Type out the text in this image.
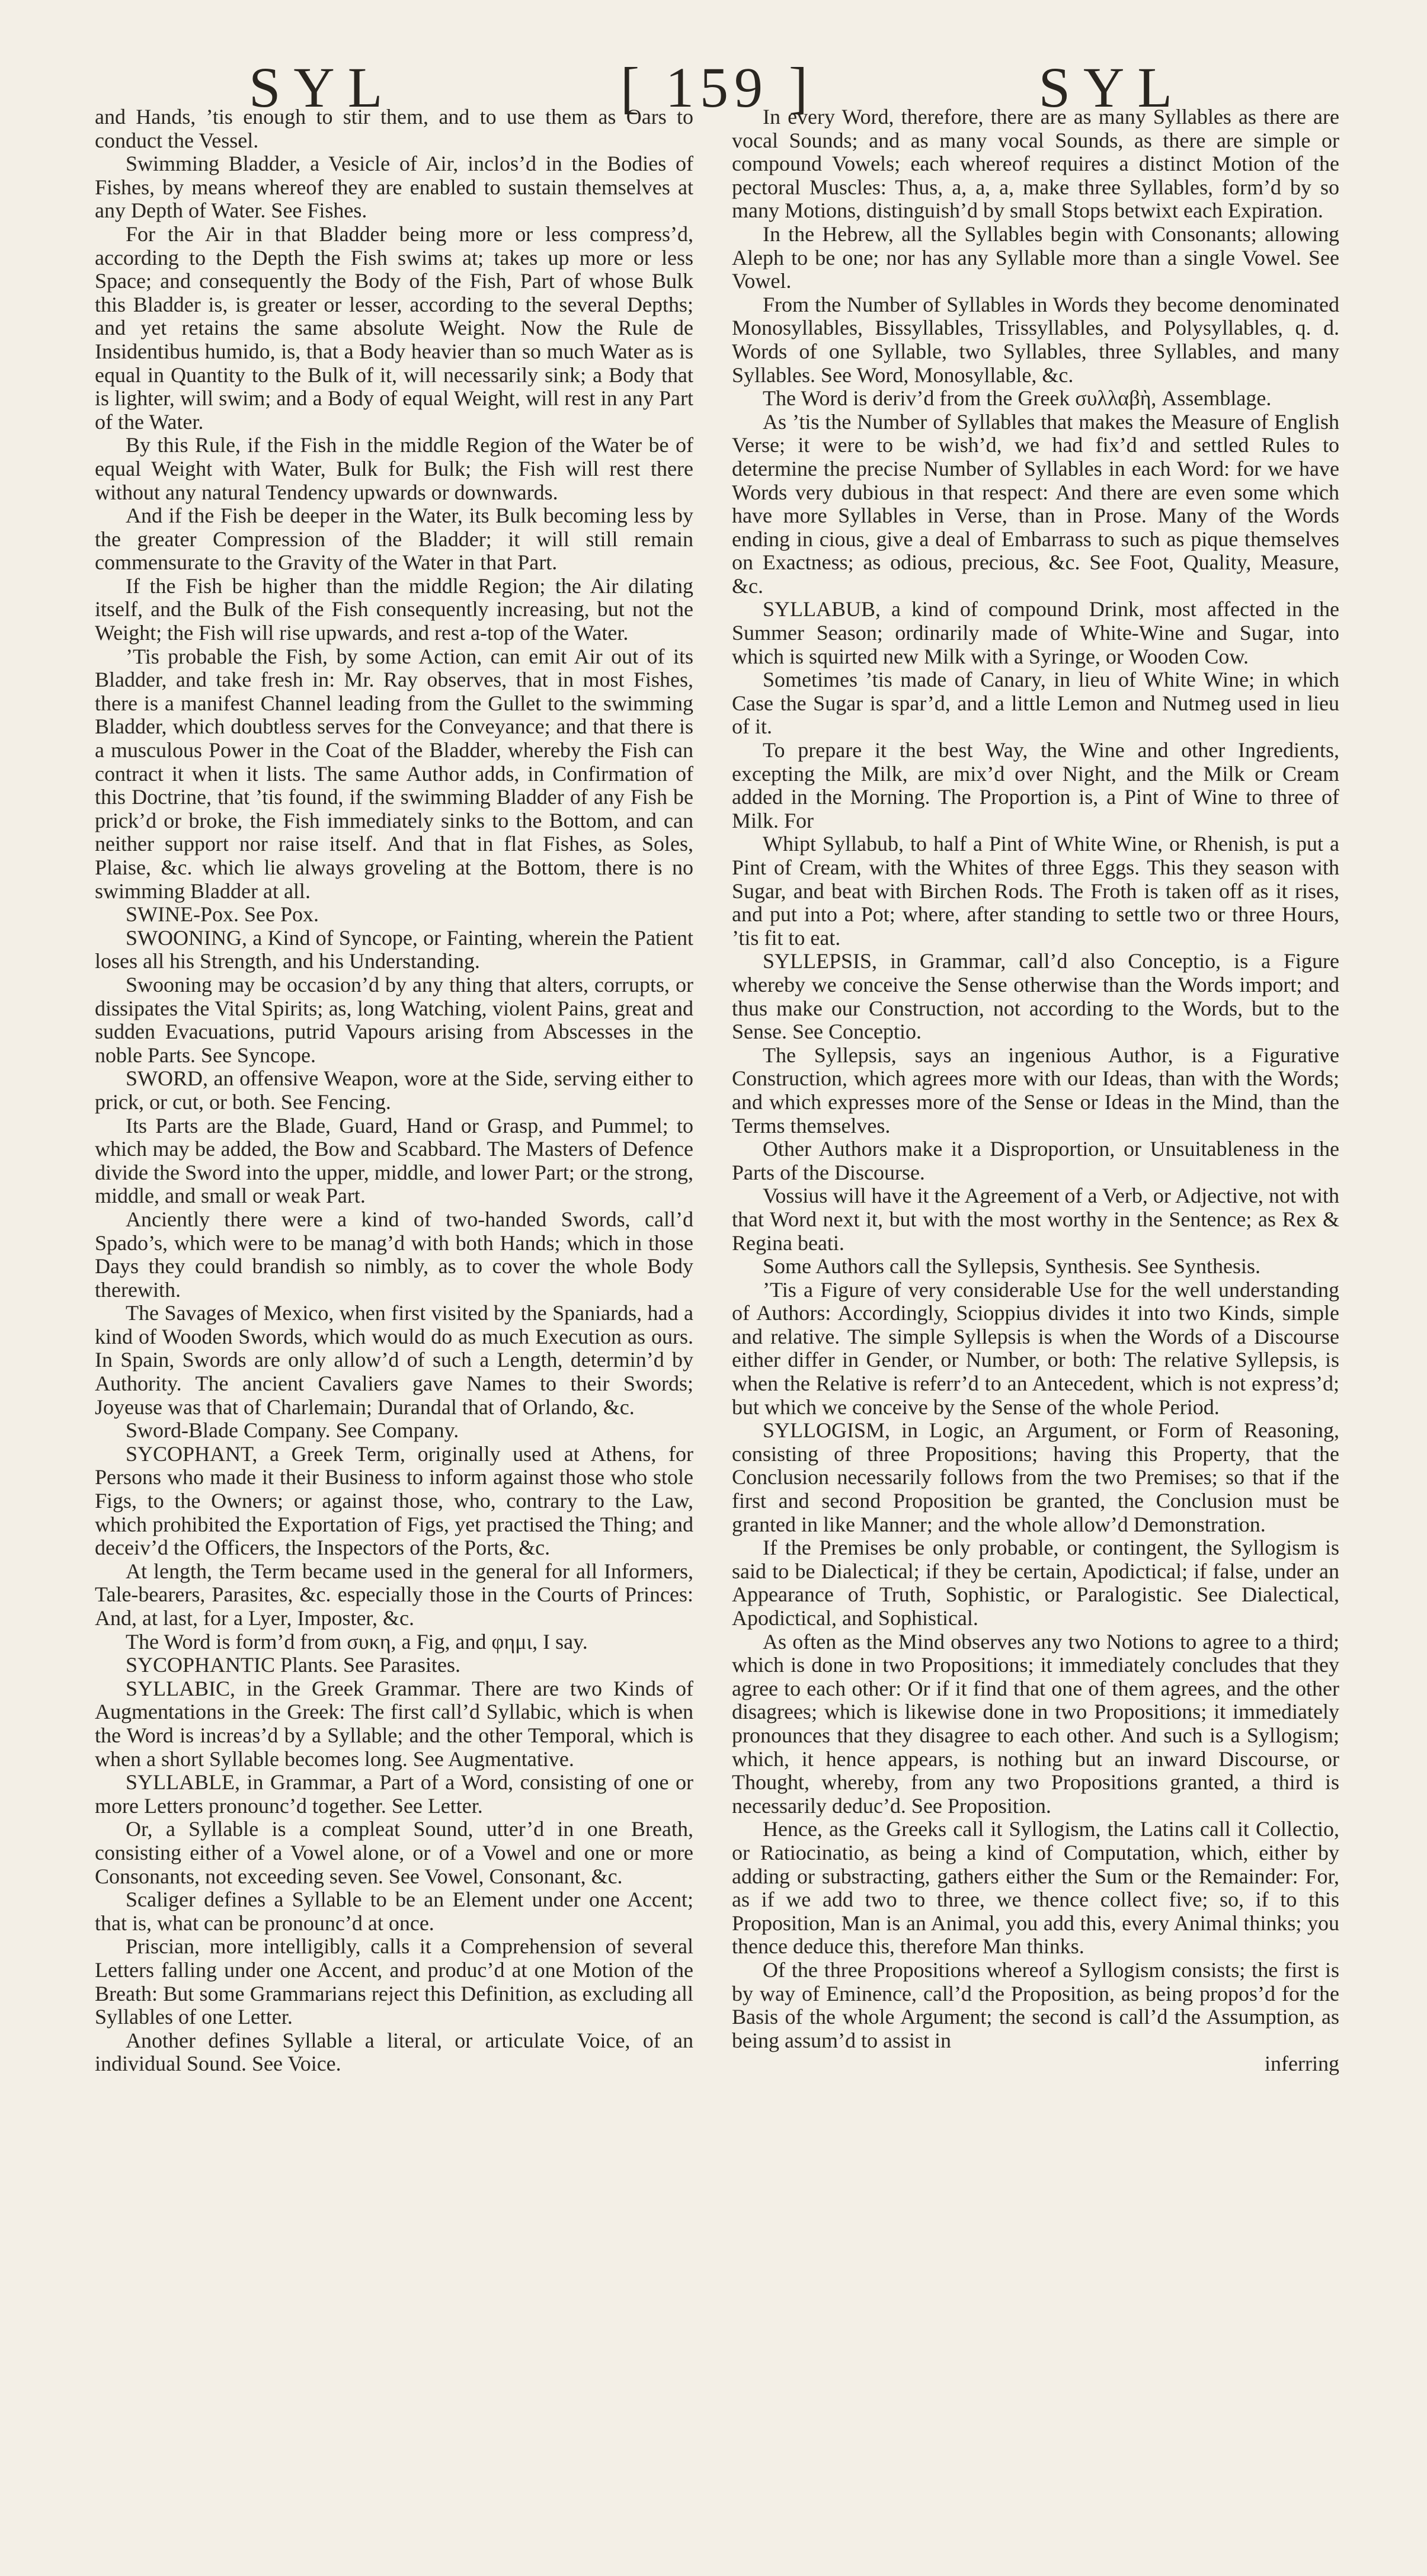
SYL	[ 159 ]	SYL

and Hands, ’tis enough to stir them, and to use them as Oars to conduct the Vessel.

Swimming Bladder, a Vesicle of Air, inclos’d in the Bodies of Fishes, by means whereof they are enabled to sustain themselves at any Depth of Water. See Fishes.

For the Air in that Bladder being more or less compress’d, according to the Depth the Fish swims at; takes up more or less Space; and consequently the Body of the Fish, Part of whose Bulk this Bladder is, is greater or lesser, according to the several Depths; and yet retains the same absolute Weight. Now the Rule de Insidentibus humido, is, that a Body heavier than so much Water as is equal in Quantity to the Bulk of it, will necessarily sink; a Body that is lighter, will swim; and a Body of equal Weight, will rest in any Part of the Water.

By this Rule, if the Fish in the middle Region of the Water be of equal Weight with Water, Bulk for Bulk; the Fish will rest there without any natural Tendency upwards or downwards.

And if the Fish be deeper in the Water, its Bulk becoming less by the greater Compression of the Bladder; it will still remain commensurate to the Gravity of the Water in that Part.

If the Fish be higher than the middle Region; the Air dilating itself, and the Bulk of the Fish consequently increasing, but not the Weight; the Fish will rise upwards, and rest a-top of the Water.

’Tis probable the Fish, by some Action, can emit Air out of its Bladder, and take fresh in: Mr. Ray observes, that in most Fishes, there is a manifest Channel leading from the Gullet to the swimming Bladder, which doubtless serves for the Conveyance; and that there is a musculous Power in the Coat of the Bladder, whereby the Fish can contract it when it lists. The same Author adds, in Confirmation of this Doctrine, that ’tis found, if the swimming Bladder of any Fish be prick’d or broke, the Fish immediately sinks to the Bottom, and can neither support nor raise itself. And that in flat Fishes, as Soles, Plaise, &c. which lie always groveling at the Bottom, there is no swimming Bladder at all.

SWINE-Pox. See Pox.

SWOONING, a Kind of Syncope, or Fainting, wherein the Patient loses all his Strength, and his Understanding.

Swooning may be occasion’d by any thing that alters, corrupts, or dissipates the Vital Spirits; as, long Watching, violent Pains, great and sudden Evacuations, putrid Vapours arising from Abscesses in the noble Parts. See Syncope.

SWORD, an offensive Weapon, wore at the Side, serving either to prick, or cut, or both. See Fencing.

Its Parts are the Blade, Guard, Hand or Grasp, and Pummel; to which may be added, the Bow and Scabbard. The Masters of Defence divide the Sword into the upper, middle, and lower Part; or the strong, middle, and small or weak Part.

Anciently there were a kind of two-handed Swords, call’d Spado’s, which were to be manag’d with both Hands; which in those Days they could brandish so nimbly, as to cover the whole Body therewith.

The Savages of Mexico, when first visited by the Spaniards, had a kind of Wooden Swords, which would do as much Execution as ours. In Spain, Swords are only allow’d of such a Length, determin’d by Authority. The ancient Cavaliers gave Names to their Swords; Joyeuse was that of Charlemain; Durandal that of Orlando, &c.

Sword-Blade Company. See Company.

SYCOPHANT, a Greek Term, originally used at Athens, for Persons who made it their Business to inform against those who stole Figs, to the Owners; or against those, who, contrary to the Law, which prohibited the Exportation of Figs, yet practised the Thing; and deceiv’d the Officers, the Inspectors of the Ports, &c.

At length, the Term became used in the general for all Informers, Tale-bearers, Parasites, &c. especially those in the Courts of Princes: And, at last, for a Lyer, Imposter, &c.

The Word is form’d from συκη, a Fig, and φημι, I say.

SYCOPHANTIC Plants. See Parasites.

SYLLABIC, in the Greek Grammar. There are two Kinds of Augmentations in the Greek: The first call’d Syllabic, which is when the Word is increas’d by a Syllable; and the other Temporal, which is when a short Syllable becomes long. See Augmentative.

SYLLABLE, in Grammar, a Part of a Word, consisting of one or more Letters pronounc’d together. See Letter.

Or, a Syllable is a compleat Sound, utter’d in one Breath, consisting either of a Vowel alone, or of a Vowel and one or more Consonants, not exceeding seven. See Vowel, Consonant, &c.

Scaliger defines a Syllable to be an Element under one Accent; that is, what can be pronounc’d at once.

Priscian, more intelligibly, calls it a Comprehension of several Letters falling under one Accent, and produc’d at one Motion of the Breath: But some Grammarians reject this Definition, as excluding all Syllables of one Letter.

Another defines Syllable a literal, or articulate Voice, of an individual Sound. See Voice.

In every Word, therefore, there are as many Syllables as there are vocal Sounds; and as many vocal Sounds, as there are simple or compound Vowels; each whereof requires a distinct Motion of the pectoral Muscles: Thus, a, a, a, make three Syllables, form’d by so many Motions, distinguish’d by small Stops betwixt each Expiration.

In the Hebrew, all the Syllables begin with Consonants; allowing Aleph to be one; nor has any Syllable more than a single Vowel. See Vowel.

From the Number of Syllables in Words they become denominated Monosyllables, Bissyllables, Trissyllables, and Polysyllables, q. d. Words of one Syllable, two Syllables, three Syllables, and many Syllables. See Word, Monosyllable, &c.

The Word is deriv’d from the Greek συλλαβὴ, Assemblage.

As ’tis the Number of Syllables that makes the Measure of English Verse; it were to be wish’d, we had fix’d and settled Rules to determine the precise Number of Syllables in each Word: for we have Words very dubious in that respect: And there are even some which have more Syllables in Verse, than in Prose. Many of the Words ending in cious, give a deal of Embarrass to such as pique themselves on Exactness; as odious, precious, &c. See Foot, Quality, Measure, &c.

SYLLABUB, a kind of compound Drink, most affected in the Summer Season; ordinarily made of White-Wine and Sugar, into which is squirted new Milk with a Syringe, or Wooden Cow.

Sometimes ’tis made of Canary, in lieu of White Wine; in which Case the Sugar is spar’d, and a little Lemon and Nutmeg used in lieu of it.

To prepare it the best Way, the Wine and other Ingredients, excepting the Milk, are mix’d over Night, and the Milk or Cream added in the Morning. The Proportion is, a Pint of Wine to three of Milk. For

Whipt Syllabub, to half a Pint of White Wine, or Rhenish, is put a Pint of Cream, with the Whites of three Eggs. This they season with Sugar, and beat with Birchen Rods. The Froth is taken off as it rises, and put into a Pot; where, after standing to settle two or three Hours, ’tis fit to eat.

SYLLEPSIS, in Grammar, call’d also Conceptio, is a Figure whereby we conceive the Sense otherwise than the Words import; and thus make our Construction, not according to the Words, but to the Sense. See Conceptio.

The Syllepsis, says an ingenious Author, is a Figurative Construction, which agrees more with our Ideas, than with the Words; and which expresses more of the Sense or Ideas in the Mind, than the Terms themselves.

Other Authors make it a Disproportion, or Unsuitableness in the Parts of the Discourse.

Vossius will have it the Agreement of a Verb, or Adjective, not with that Word next it, but with the most worthy in the Sentence; as Rex & Regina beati.

Some Authors call the Syllepsis, Synthesis. See Synthesis.

’Tis a Figure of very considerable Use for the well understanding of Authors: Accordingly, Scioppius divides it into two Kinds, simple and relative. The simple Syllepsis is when the Words of a Discourse either differ in Gender, or Number, or both: The relative Syllepsis, is when the Relative is referr’d to an Antecedent, which is not express’d; but which we conceive by the Sense of the whole Period.

SYLLOGISM, in Logic, an Argument, or Form of Reasoning, consisting of three Propositions; having this Property, that the Conclusion necessarily follows from the two Premises; so that if the first and second Proposition be granted, the Conclusion must be granted in like Manner; and the whole allow’d Demonstration.

If the Premises be only probable, or contingent, the Syllogism is said to be Dialectical; if they be certain, Apodictical; if false, under an Appearance of Truth, Sophistic, or Paralogistic. See Dialectical, Apodictical, and Sophistical.

As often as the Mind observes any two Notions to agree to a third; which is done in two Propositions; it immediately concludes that they agree to each other: Or if it find that one of them agrees, and the other disagrees; which is likewise done in two Propositions; it immediately pronounces that they disagree to each other. And such is a Syllogism; which, it hence appears, is nothing but an inward Discourse, or Thought, whereby, from any two Propositions granted, a third is necessarily deduc’d. See Proposition.

Hence, as the Greeks call it Syllogism, the Latins call it Collectio, or Ratiocinatio, as being a kind of Computation, which, either by adding or substracting, gathers either the Sum or the Remainder: For, as if we add two to three, we thence collect five; so, if to this Proposition, Man is an Animal, you add this, every Animal thinks; you thence deduce this, therefore Man thinks.

Of the three Propositions whereof a Syllogism consists; the first is by way of Eminence, call’d the Proposition, as being propos’d for the Basis of the whole Argument; the second is call’d the Assumption, as being assum’d to assist in

inferring
